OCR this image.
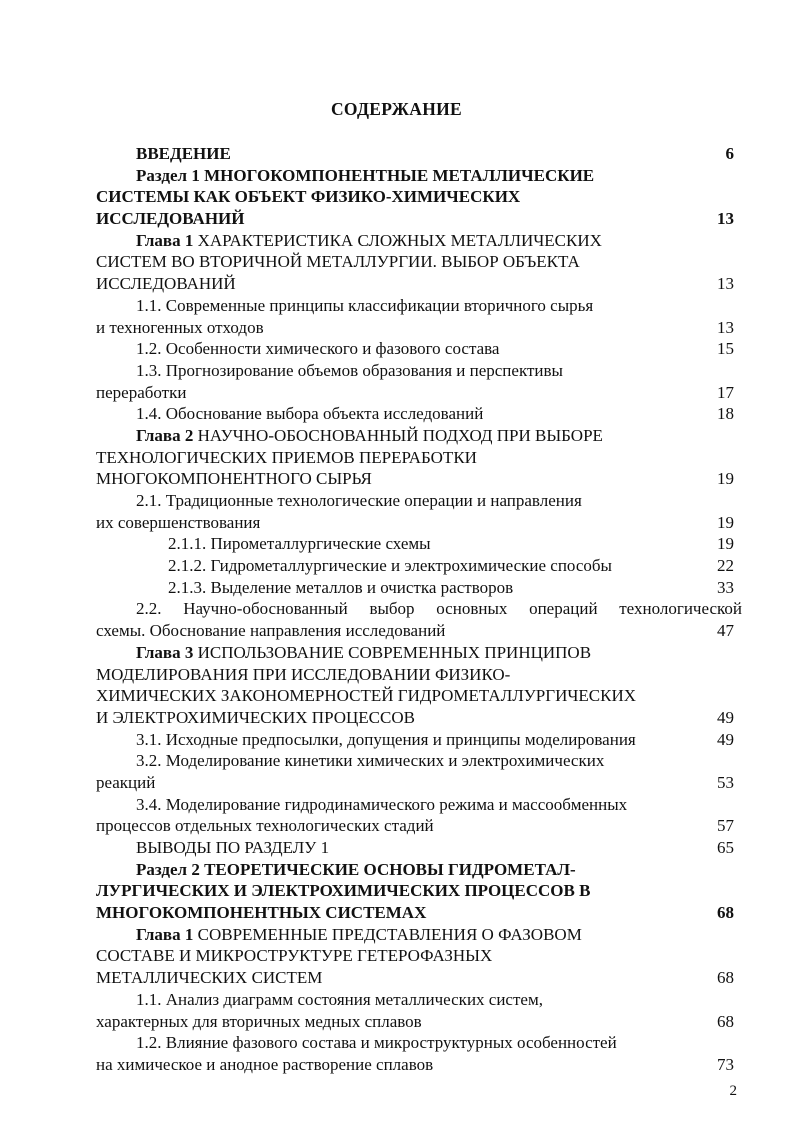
СОДЕРЖАНИЕ
ВВЕДЕНИЕ	6
Раздел 1 МНОГОКОМПОНЕНТНЫЕ МЕТАЛЛИЧЕСКИЕ
СИСТЕМЫ КАК ОБЪЕКТ ФИЗИКО-ХИМИЧЕСКИХ
ИССЛЕДОВАНИЙ	13
Глава 1 ХАРАКТЕРИСТИКА СЛОЖНЫХ МЕТАЛЛИЧЕСКИХ
СИСТЕМ ВО ВТОРИЧНОЙ МЕТАЛЛУРГИИ. ВЫБОР ОБЪЕКТА
ИССЛЕДОВАНИЙ	13
1.1. Современные принципы классификации вторичного сырья
и техногенных отходов	13
1.2. Особенности химического и фазового состава	15
1.3. Прогнозирование объемов образования и перспективы
переработки	17
1.4. Обоснование выбора объекта исследований	18
Глава 2 НАУЧНО-ОБОСНОВАННЫЙ ПОДХОД ПРИ ВЫБОРЕ
ТЕХНОЛОГИЧЕСКИХ ПРИЕМОВ ПЕРЕРАБОТКИ
МНОГОКОМПОНЕНТНОГО СЫРЬЯ	19
2.1. Традиционные технологические операции и направления
их совершенствования	19
2.1.1. Пирометаллургические схемы	19
2.1.2. Гидрометаллургические и электрохимические способы	22
2.1.3. Выделение металлов и очистка растворов	33
2.2. Научно-обоснованный выбор основных операций технологической
схемы. Обоснование направления исследований	47
Глава 3 ИСПОЛЬЗОВАНИЕ СОВРЕМЕННЫХ ПРИНЦИПОВ
МОДЕЛИРОВАНИЯ ПРИ ИССЛЕДОВАНИИ ФИЗИКО-
ХИМИЧЕСКИХ ЗАКОНОМЕРНОСТЕЙ ГИДРОМЕТАЛЛУРГИЧЕСКИХ
И ЭЛЕКТРОХИМИЧЕСКИХ ПРОЦЕССОВ	49
3.1. Исходные предпосылки, допущения и принципы моделирования	49
3.2. Моделирование кинетики химических и электрохимических
реакций	53
3.4. Моделирование гидродинамического режима и массообменных
процессов отдельных технологических стадий	57
ВЫВОДЫ ПО РАЗДЕЛУ 1	65
Раздел 2 ТЕОРЕТИЧЕСКИЕ ОСНОВЫ ГИДРОМЕТАЛ-
ЛУРГИЧЕСКИХ И ЭЛЕКТРОХИМИЧЕСКИХ ПРОЦЕССОВ В
МНОГОКОМПОНЕНТНЫХ СИСТЕМАХ	68
Глава 1 СОВРЕМЕННЫЕ ПРЕДСТАВЛЕНИЯ О ФАЗОВОМ
СОСТАВЕ И МИКРОСТРУКТУРЕ ГЕТЕРОФАЗНЫХ
МЕТАЛЛИЧЕСКИХ СИСТЕМ	68
1.1. Анализ диаграмм состояния металлических систем,
характерных для вторичных медных сплавов	68
1.2. Влияние фазового состава и микроструктурных особенностей
на химическое и анодное растворение сплавов	73
2
